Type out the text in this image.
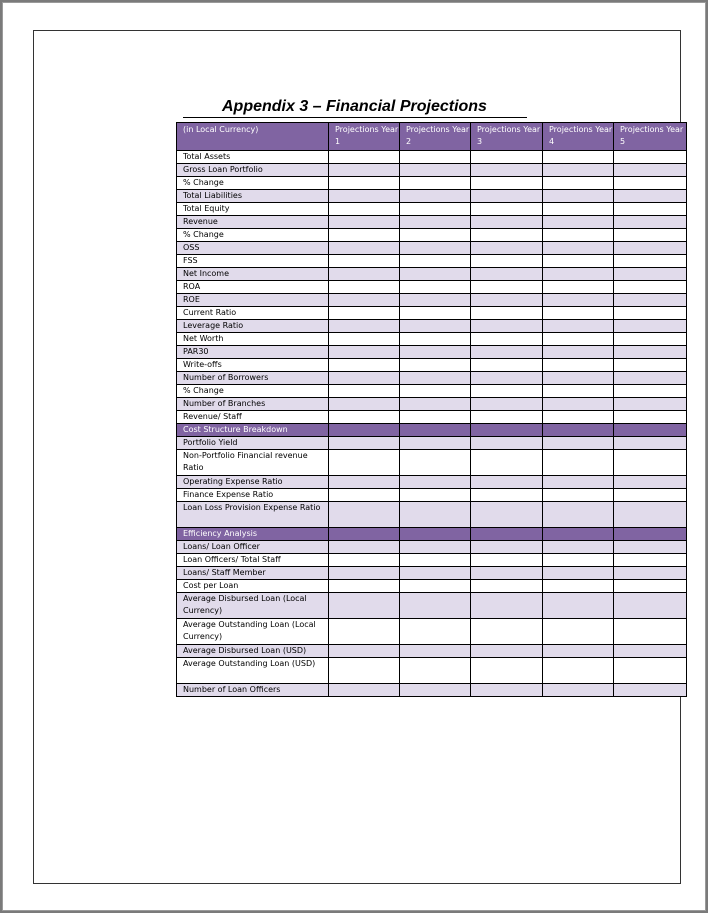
Appendix 3 – Financial Projections
(in Local Currency)	Projections Year 1	Projections Year 2	Projections Year 3	Projections Year 4	Projections Year 5
Total Assets					
Gross Loan Portfolio					
% Change					
Total Liabilities					
Total Equity					
Revenue					
% Change					
OSS					
FSS					
Net Income					
ROA					
ROE					
Current Ratio					
Leverage Ratio					
Net Worth					
PAR30					
Write-offs					
Number of Borrowers					
% Change					
Number of Branches					
Revenue/ Staff					
Cost Structure Breakdown					
Portfolio Yield					
Non-Portfolio Financial revenue Ratio					
Operating Expense Ratio					
Finance Expense Ratio					
Loan Loss Provision Expense Ratio					
Efficiency Analysis					
Loans/ Loan Officer					
Loan Officers/ Total Staff					
Loans/ Staff Member					
Cost per Loan					
Average Disbursed Loan (Local Currency)					
Average Outstanding Loan (Local Currency)					
Average Disbursed Loan (USD)					
Average Outstanding Loan (USD)					
Number of Loan Officers					
